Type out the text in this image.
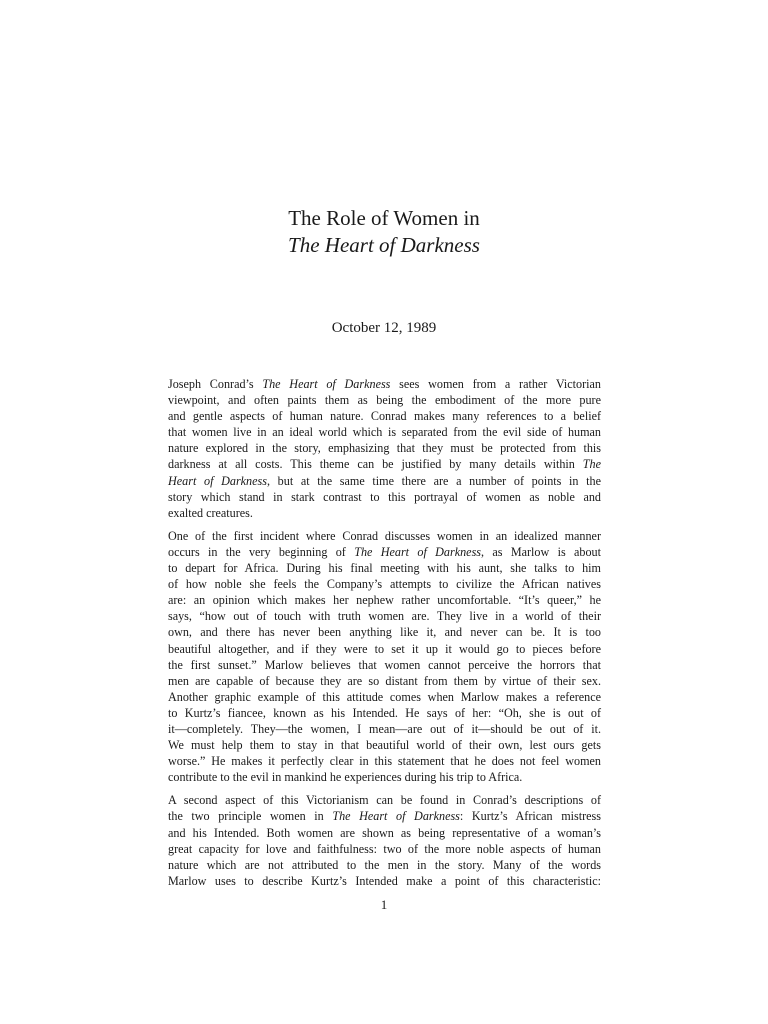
The Role of Women in
The Heart of Darkness
October 12, 1989
Joseph Conrad’s The Heart of Darkness sees women from a rather Victorian
viewpoint, and often paints them as being the embodiment of the more pure
and gentle aspects of human nature. Conrad makes many references to a belief
that women live in an ideal world which is separated from the evil side of human
nature explored in the story, emphasizing that they must be protected from this
darkness at all costs. This theme can be justified by many details within The
Heart of Darkness, but at the same time there are a number of points in the
story which stand in stark contrast to this portrayal of women as noble and
exalted creatures.
One of the first incident where Conrad discusses women in an idealized manner
occurs in the very beginning of The Heart of Darkness, as Marlow is about
to depart for Africa. During his final meeting with his aunt, she talks to him
of how noble she feels the Company’s attempts to civilize the African natives
are: an opinion which makes her nephew rather uncomfortable. “It’s queer,” he
says, “how out of touch with truth women are. They live in a world of their
own, and there has never been anything like it, and never can be. It is too
beautiful altogether, and if they were to set it up it would go to pieces before
the first sunset.” Marlow believes that women cannot perceive the horrors that
men are capable of because they are so distant from them by virtue of their sex.
Another graphic example of this attitude comes when Marlow makes a reference
to Kurtz’s fiancee, known as his Intended. He says of her: “Oh, she is out of
it—completely. They—the women, I mean—are out of it—should be out of it.
We must help them to stay in that beautiful world of their own, lest ours gets
worse.” He makes it perfectly clear in this statement that he does not feel women
contribute to the evil in mankind he experiences during his trip to Africa.
A second aspect of this Victorianism can be found in Conrad’s descriptions of
the two principle women in The Heart of Darkness: Kurtz’s African mistress
and his Intended. Both women are shown as being representative of a woman’s
great capacity for love and faithfulness: two of the more noble aspects of human
nature which are not attributed to the men in the story. Many of the words
Marlow uses to describe Kurtz’s Intended make a point of this characteristic:
1
